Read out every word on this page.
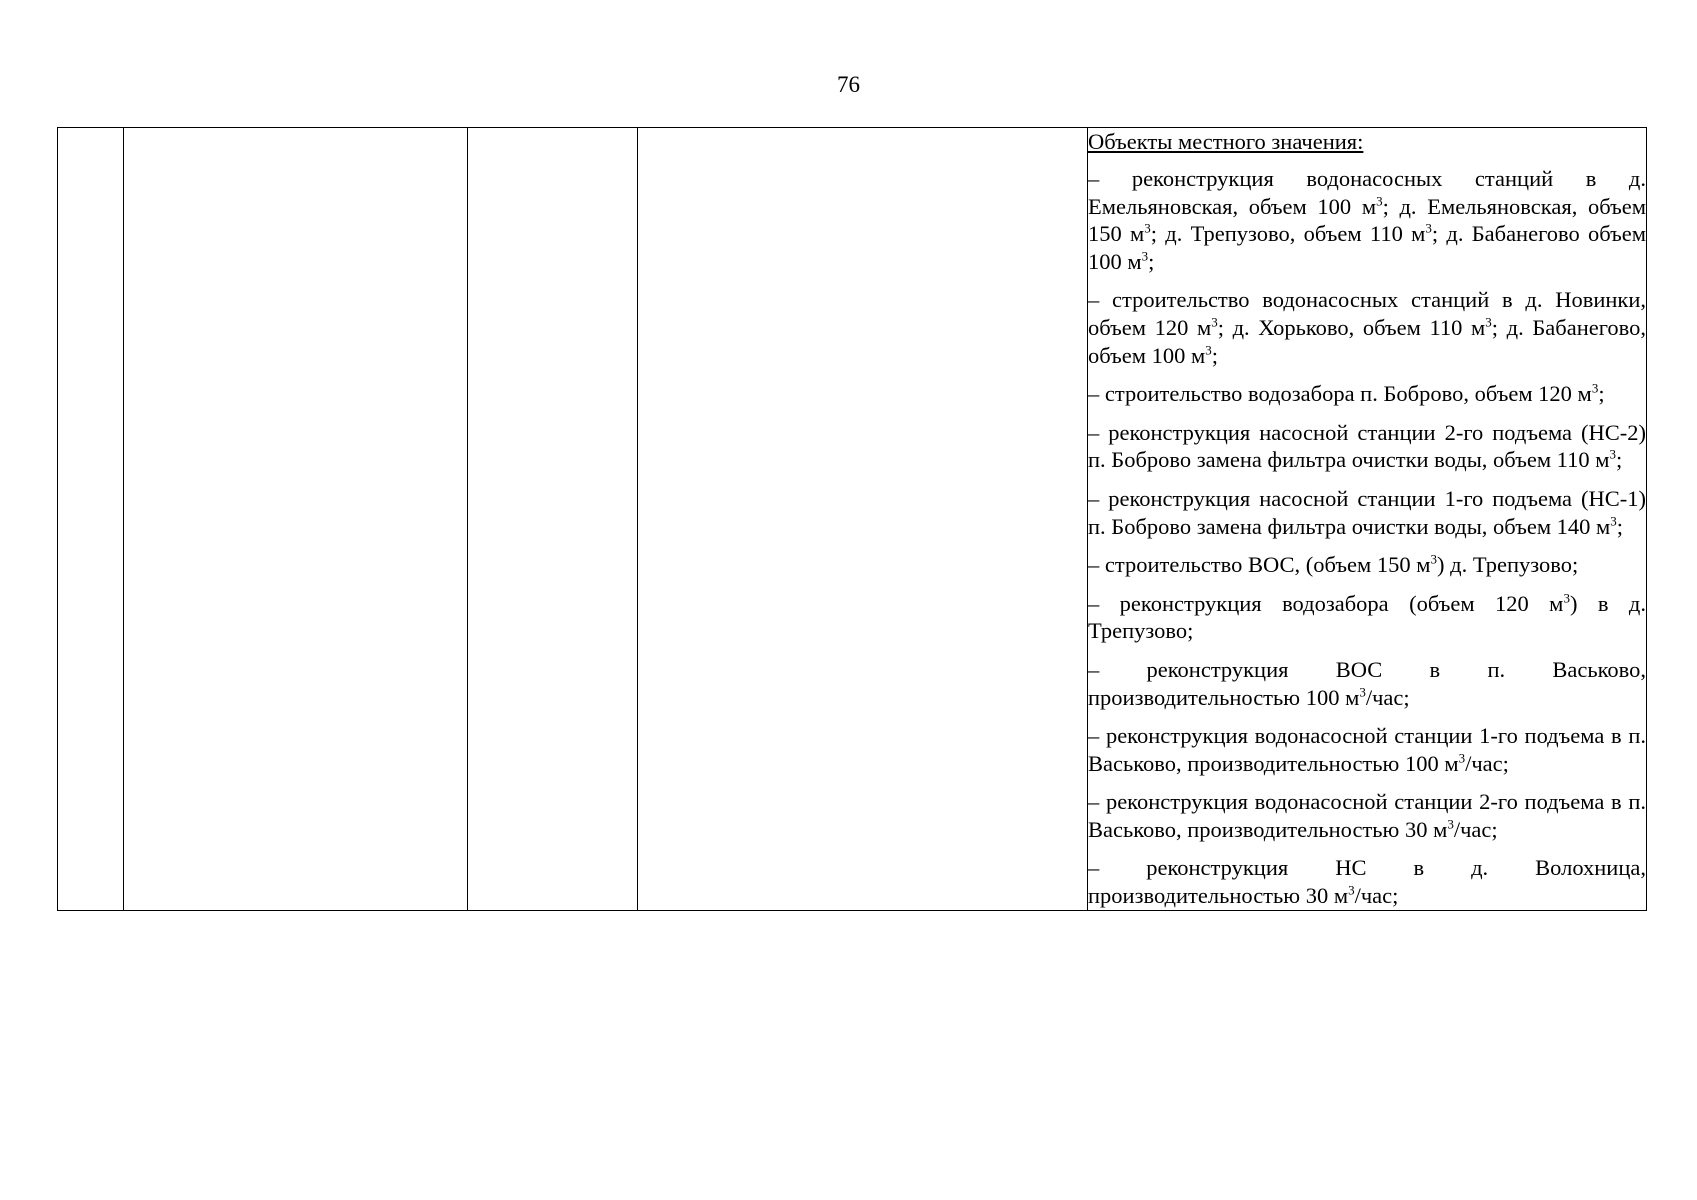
76

Объекты местного значения:
– реконструкция водонасосных станций в д. Емельяновская, объем 100 $м^3$; д. Емельяновская, объем 150 $м^3$; д. Трепузово, объем 110 $м^3$; д. Бабанегово объем 100 $м^3$;
– строительство водонасосных станций в д. Новинки, объем 120 $м^3$; д. Хорьково, объем 110 $м^3$; д. Бабанегово, объем 100 $м^3$;
– строительство водозабора п. Боброво, объем 120 $м^3$;
– реконструкция насосной станции 2-го подъема (НС-2) п. Боброво замена фильтра очистки воды, объем 110 $м^3$;
– реконструкция насосной станции 1-го подъема (НС-1) п. Боброво замена фильтра очистки воды, объем 140 $м^3$;
– строительство ВОС, (объем 150 $м^3$) д. Трепузово;
– реконструкция водозабора (объем 120 $м^3$) в д. Трепузово;
– реконструкция ВОС в п. Васьково, производительностью 100 $м^3$/час;
– реконструкция водонасосной станции 1-го подъема в п. Васьково, производительностью 100 $м^3$/час;
– реконструкция водонасосной станции 2-го подъема в п. Васьково, производительностью 30 $м^3$/час;
– реконструкция НС в д. Волохница, производительностью 30 $м^3$/час;
